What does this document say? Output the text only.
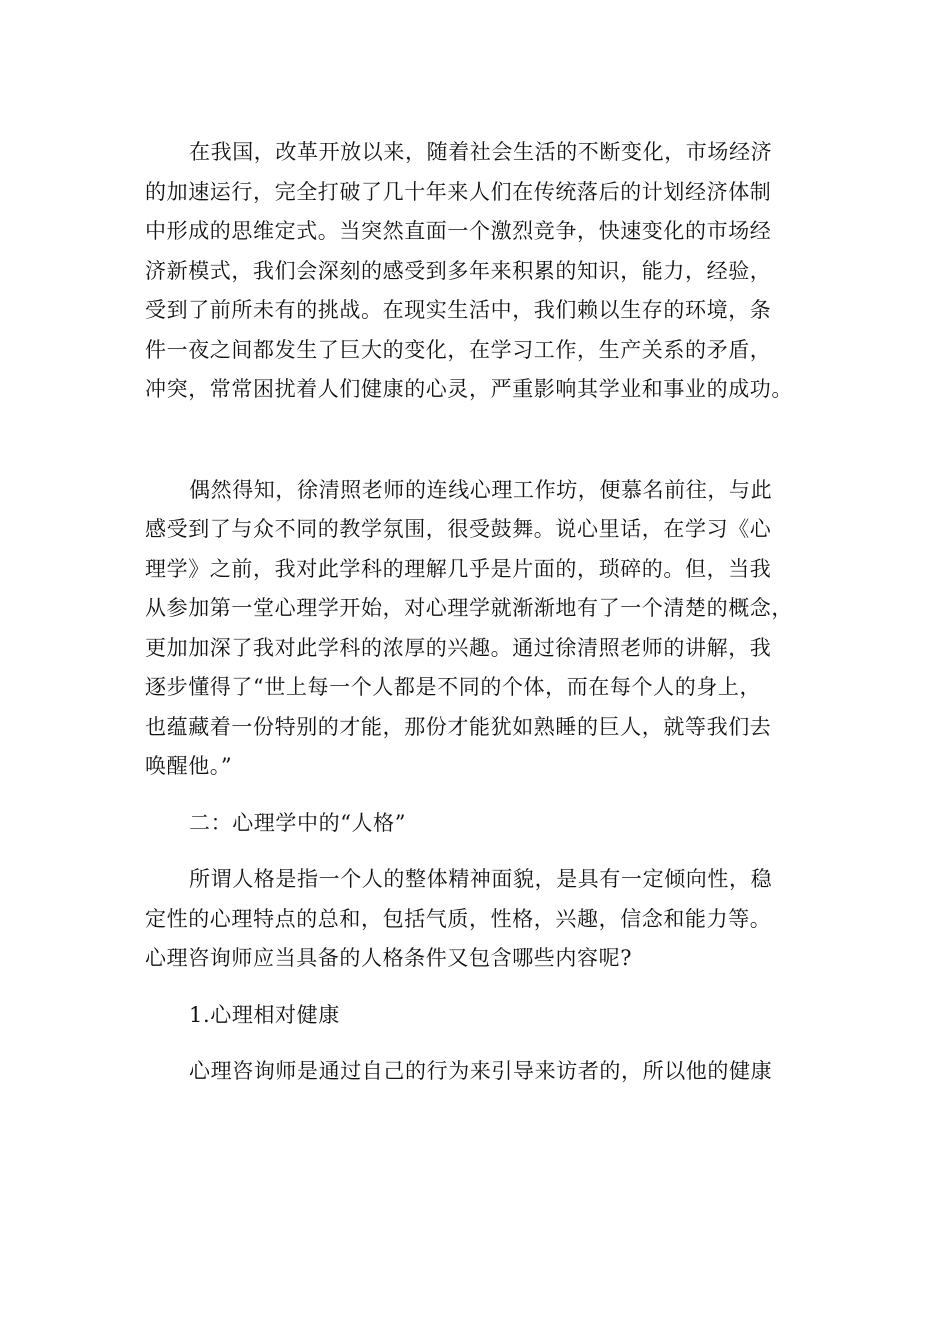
在我国，改革开放以来，随着社会生活的不断变化，市场经济
的加速运行，完全打破了几十年来人们在传统落后的计划经济体制
中形成的思维定式。当突然直面一个激烈竞争，快速变化的市场经
济新模式，我们会深刻的感受到多年来积累的知识，能力，经验，
受到了前所未有的挑战。在现实生活中，我们赖以生存的环境，条
件一夜之间都发生了巨大的变化，在学习工作，生产关系的矛盾，
冲突，常常困扰着人们健康的心灵，严重影响其学业和事业的成功。
偶然得知，徐清照老师的连线心理工作坊，便慕名前往，与此
感受到了与众不同的教学氛围，很受鼓舞。说心里话，在学习《心
理学》之前，我对此学科的理解几乎是片面的，琐碎的。但，当我
从参加第一堂心理学开始，对心理学就渐渐地有了一个清楚的概念，
更加加深了我对此学科的浓厚的兴趣。通过徐清照老师的讲解，我
逐步懂得了“世上每一个人都是不同的个体，而在每个人的身上，
也蕴藏着一份特别的才能，那份才能犹如熟睡的巨人，就等我们去
唤醒他。”
二：心理学中的“人格”
所谓人格是指一个人的整体精神面貌，是具有一定倾向性，稳
定性的心理特点的总和，包括气质，性格，兴趣，信念和能力等。
心理咨询师应当具备的人格条件又包含哪些内容呢?
1.心理相对健康
心理咨询师是通过自己的行为来引导来访者的，所以他的健康
